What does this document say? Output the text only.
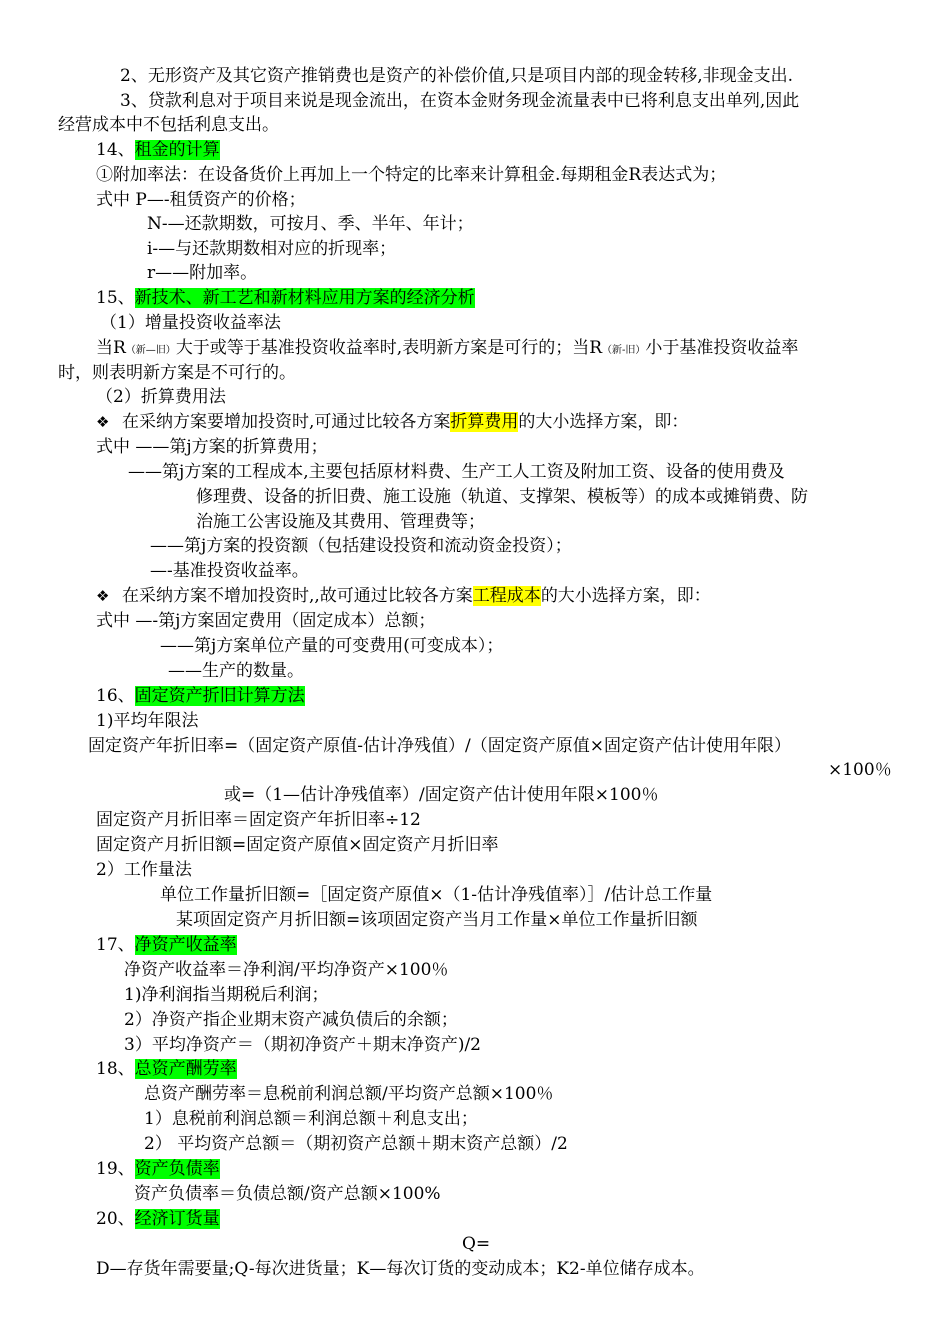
2、无形资产及其它资产推销费也是资产的补偿价值,只是项目内部的现金转移,非现金支出.
3、贷款利息对于项目来说是现金流出，在资本金财务现金流量表中已将利息支出单列,因此
经营成本中不包括利息支出。
14、租金的计算
①附加率法：在设备货价上再加上一个特定的比率来计算租金.每期租金R表达式为；
式中 P—-租赁资产的价格；
N-—还款期数，可按月、季、半年、年计；
i-—与还款期数相对应的折现率；
r——附加率。
15、新技术、新工艺和新材料应用方案的经济分析
（1）增量投资收益率法
当R（新—旧）大于或等于基准投资收益率时,表明新方案是可行的；当R（新-旧）小于基准投资收益率
时，则表明新方案是不可行的。
（2）折算费用法
❖ 在采纳方案要增加投资时,可通过比较各方案折算费用的大小选择方案，即：
式中 ——第j方案的折算费用；
——第j方案的工程成本,主要包括原材料费、生产工人工资及附加工资、设备的使用费及
修理费、设备的折旧费、施工设施（轨道、支撑架、模板等）的成本或摊销费、防
治施工公害设施及其费用、管理费等；
——第j方案的投资额（包括建设投资和流动资金投资）；
—-基准投资收益率。
❖ 在采纳方案不增加投资时,,故可通过比较各方案工程成本的大小选择方案，即：
式中 —-第j方案固定费用（固定成本）总额；
——第j方案单位产量的可变费用(可变成本）；
——生产的数量。
16、固定资产折旧计算方法
1)平均年限法
固定资产年折旧率=（固定资产原值-估计净残值）/（固定资产原值×固定资产估计使用年限）
×100％
或=（1—估计净残值率）/固定资产估计使用年限×100％
固定资产月折旧率＝固定资产年折旧率÷12
固定资产月折旧额=固定资产原值×固定资产月折旧率
2）工作量法
单位工作量折旧额=［固定资产原值×（1-估计净残值率）］/估计总工作量
某项固定资产月折旧额=该项固定资产当月工作量×单位工作量折旧额
17、净资产收益率
净资产收益率＝净利润/平均净资产×100％
1)净利润指当期税后利润；
2）净资产指企业期末资产减负债后的余额；
3）平均净资产＝（期初净资产＋期末净资产)/2
18、总资产酬劳率
总资产酬劳率＝息税前利润总额/平均资产总额×100％
1）息税前利润总额＝利润总额＋利息支出；
2） 平均资产总额＝（期初资产总额＋期末资产总额）/2
19、资产负债率
资产负债率＝负债总额/资产总额×100%
20、经济订货量
Q=
D—存货年需要量;Q-每次进货量；K—每次订货的变动成本；K2-单位储存成本。
